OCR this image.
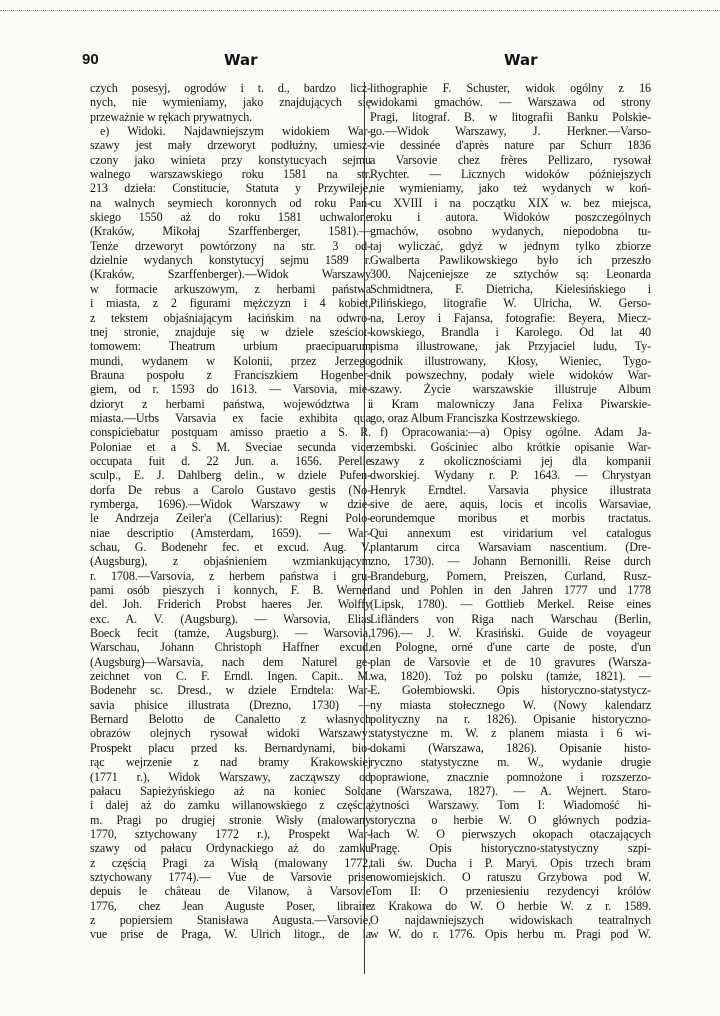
90	War	War
czych posesyj, ogrodów i t. d., bardzo licz-
nych, nie wymieniamy, jako znajdujących się
przeważnie w rękach prywatnych.
e) Widoki. Najdawniejszym widokiem War-
szawy jest mały drzeworyt podłużny, umiesz-
czony jako winieta przy konstytucyach sejmu
walnego warszawskiego roku 1581 na str.
213 dzieła: Constitucie, Statuta y Przywileje,
na walnych seymiech koronnych od roku Pań-
skiego 1550 aż do roku 1581 uchwalone
(Kraków, Mikołaj Szarffenberger, 1581).—
Tenże drzeworyt powtórzony na str. 3 od-
dzielnie wydanych konstytucyj sejmu 1589 r.
(Kraków, Szarffenberger).—Widok Warszawy
w formacie arkuszowym, z herbami państwa
i miasta, z 2 figurami mężczyzn i 4 kobiet,
z tekstem objaśniającym łacińskim na odwro-
tnej stronie, znajduje się w dziele sześciot-
tomowem: Theatrum urbium praecipuarum
mundi, wydanem w Kolonii, przez Jerzego
Brauna pospołu z Franciszkiem Hogenber-
giem, od r. 1593 do 1613. — Varsovia, mie-
dzioryt z herbami państwa, województwa i
miasta.—Urbs Varsavia ex facie exhibita qua
conspiciebatur postquam amisso praetio a S. R.
Poloniae et a S. M. Sveciae secunda vice
occupata fuit d. 22 Jun. a. 1656. Perelle
sculp., E. J. Dahlberg delin., w dziele Pufen-
dorfa De rebus a Carolo Gustavo gestis (No-
rymberga, 1696).—Widok Warszawy w dzie-
le Andrzeja Zeiler'a (Cellarius): Regni Polo-
niae descriptio (Amsterdam, 1659). — War-
schau, G. Bodenehr fec. et excud. Aug. V.
(Augsburg), z objaśnieniem wzmiankującym
r. 1708.—Varsovia, z herbem państwa i gru-
pami osób pieszych i konnych, F. B. Werner
del. Joh. Friderich Probst haeres Jer. Wolffy
exc. A. V. (Augsburg). — Warsovia, Elias
Boeck fecit (tamże, Augsburg). — Warsovia,
Warschau, Johann Christoph Haffner excud.
(Augsburg)—Warsavia, nach dem Naturel ge-
zeichnet von C. F. Erndl. Ingen. Capit.. M.
Bodenehr sc. Dresd., w dziele Erndtela: War-
savia phisice illustrata (Drezno, 1730) —
Bernard Belotto de Canaletto z własnych
obrazów olejnych rysował widoki Warszawy:
Prospekt placu przed ks. Bernardynami, bio-
rąc wejrzenie z nad bramy Krakowskiej
(1771 r.), Widok Warszawy, zacząwszy od
pałacu Sapieżyńskiego aż na koniec Solca
i dalej aż do zamku willanowskiego z częścią
m. Pragi po drugiej stronie Wisły (malowany
1770, sztychowany 1772 r.), Prospekt War-
szawy od pałacu Ordynackiego aż do zamku
z częścią Pragi za Wisłą (malowany 1772,
sztychowany 1774).— Vue de Varsovie prise
depuis le château de Vilanow, à Varsovie
1776, chez Jean Auguste Poser, libraire
z popiersiem Stanisława Augusta.—Varsovie,
vue prise de Praga, W. Ulrich litogr., de la
lithographie F. Schuster, widok ogólny z 16
widokami gmachów. — Warszawa od strony
Pragi, litograf. B. w litografii Banku Polskie-
go.—Widok Warszawy, J. Herkner.—Varso-
vie dessinée d'après nature par Schurr 1836
a Varsovie chez frères Pellizaro, rysował
Rychter. — Licznych widoków późniejszych
nie wymieniamy, jako też wydanych w koń-
cu XVIII i na początku XIX w. bez miejsca,
roku i autora. Widoków poszczególnych
gmachów, osobno wydanych, niepodobna tu-
taj wyliczać, gdyż w jednym tylko zbiorze
Gwalberta Pawlikowskiego było ich przeszło
300. Najceniejsze ze sztychów są: Leonarda
Schmidtnera, F. Dietricha, Kielesińskiego i
Pilińskiego, litografie W. Ulricha, W. Gerso-
na, Leroy i Fajansa, fotografie: Beyera, Miecz-
kowskiego, Brandla i Karolego. Od lat 40
pisma illustrowane, jak Przyjaciel ludu, Ty-
godnik illustrowany, Kłosy, Wieniec, Tygo-
dnik powszechny, podały wiele widoków War-
szawy. Życie warszawskie illustruje Album
i Kram malowniczy Jana Felixa Piwarskie-
go, oraz Album Franciszka Kostrzewskiego.
f) Opracowania:—a) Opisy ogólne. Adam Ja-
rzembski. Gościniec albo krótkie opisanie War-
szawy z okolicznościami jej dla kompanii
dworskiej. Wydany r. P. 1643. — Chrystyan
Henryk Erndtel. Varsavia physice illustrata
sive de aere, aquis, locis et incolis Warsaviae,
eorundemque moribus et morbis tractatus.
Qui annexum est viridarium vel catalogus
plantarum circa Warsaviam nascentium. (Dre-
zno, 1730). — Johann Bernonilli. Reise durch
Brandeburg, Pomern, Preiszen, Curland, Rusz-
land und Pohlen in den Jahren 1777 und 1778
(Lipsk, 1780). — Gottlieb Merkel. Reise eines
Lifländers von Riga nach Warschau (Berlin,
1796).— J. W. Krasiński. Guide de voyageur
en Pologne, orné d'une carte de poste, d'un
plan de Varsovie et de 10 gravures (Warsza-
wa, 1820). Toż po polsku (tamże, 1821). —
E. Gołembiowski. Opis historyczno-statystycz-
ny miasta stołecznego W. (Nowy kalendarz
polityczny na r. 1826). Opisanie historyczno-
statystyczne m. W. z planem miasta i 6 wi-
dokami (Warszawa, 1826). Opisanie histo-
ryczno statystyczne m. W., wydanie drugie
poprawione, znacznie pomnożone i rozszerzo-
ne (Warszawa, 1827). — A. Wejnert. Staro-
żytności Warszawy. Tom I: Wiadomość hi-
storyczna o herbie W. O głównych podzia-
łach W. O pierwszych okopach otaczających
Pragę. Opis historyczno-statystyczny szpi-
tali św. Ducha i P. Maryi. Opis trzech bram
nowomiejskich. O ratuszu Grzybowa pod W.
Tom II: O przeniesieniu rezydencyi królów
z Krakowa do W. O herbie W. z r. 1589.
O najdawniejszych widowiskach teatralnych
w W. do r. 1776. Opis herbu m. Pragi pod W.
